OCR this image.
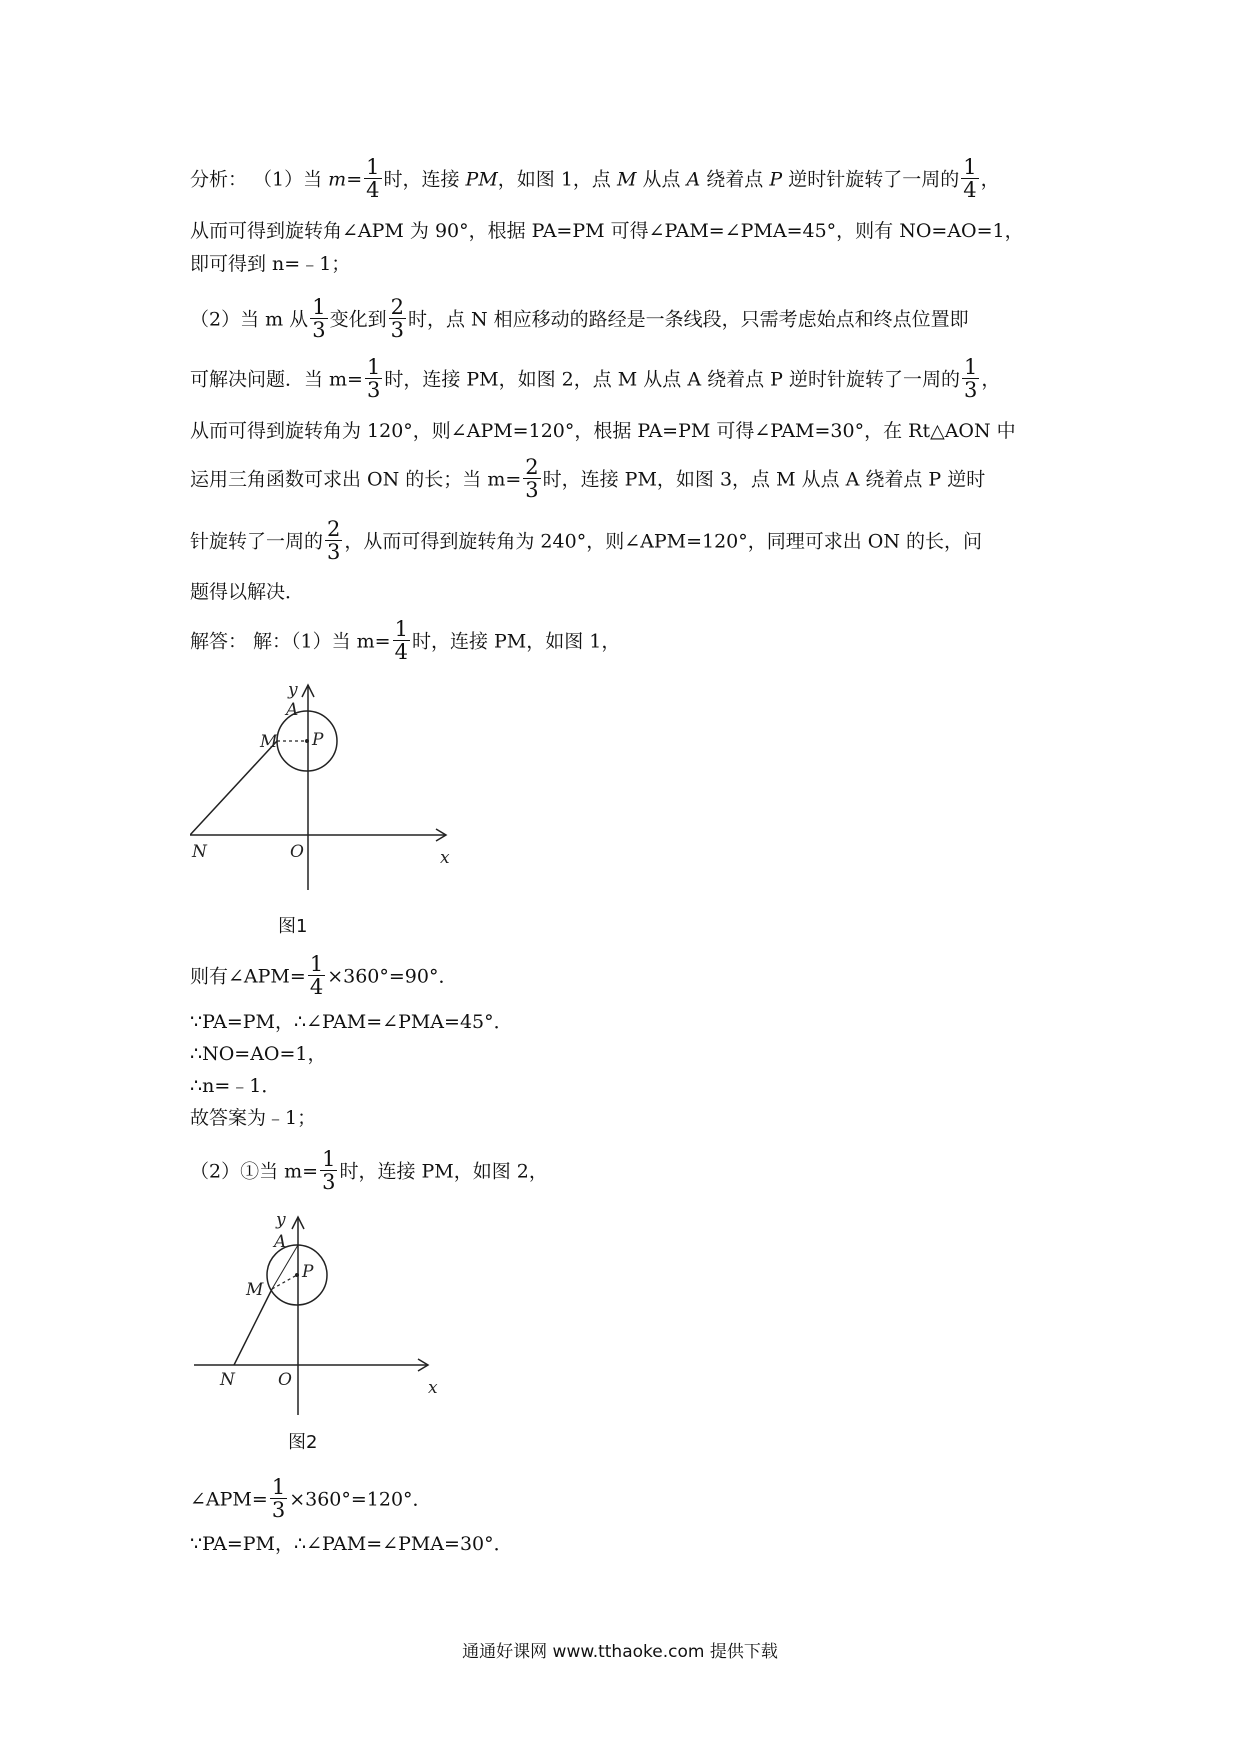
分析： （1）当 $m= \frac{1}{4}$ 时，连接 PM，如图 1，点 M 从点 A 绕着点 P 逆时针旋转了一周的 $\frac{1}{4}$ ，
从而可得到旋转角∠APM 为 90°，根据 PA=PM 可得∠PAM=∠PMA=45°，则有 NO=AO=1，
即可得到 n=﹣1；
（2）当 m 从 $\frac{1}{3}$ 变化到 $\frac{2}{3}$ 时，点 N 相应移动的路经是一条线段，只需考虑始点和终点位置即
可解决问题．当 $m= \frac{1}{3}$ 时，连接 PM，如图 2，点 M 从点 A 绕着点 P 逆时针旋转了一周的 $\frac{1}{3}$ ，
从而可得到旋转角为 120°，则∠APM=120°，根据 PA=PM 可得∠PAM=30°，在 Rt△AON 中
运用三角函数可求出 ON 的长；当 $m= \frac{2}{3}$ 时，连接 PM，如图 3，点 M 从点 A 绕着点 P 逆时
针旋转了一周的 $\frac{2}{3}$ ，从而可得到旋转角为 240°，则∠APM=120°，同理可求出 ON 的长，问
题得以解决．
解答： 解：（1）当 $m= \frac{1}{4}$ 时，连接 PM，如图 1，
y
A
P
M
N	O	x
图1
则有∠APM= $\frac{1}{4} \times 360^\circ=90^\circ$．
∵PA=PM，∴∠PAM=∠PMA=45°．
∴NO=AO=1，
∴n=﹣1．
故答案为﹣1；
（2）①当 $m= \frac{1}{3}$ 时，连接 PM，如图 2，
y
A
P
M
N	O	x
图2
∠APM= $\frac{1}{3} \times 360^\circ=120^\circ$．
∵PA=PM，∴∠PAM=∠PMA=30°．
通通好课网 www.tthaoke.com 提供下载
